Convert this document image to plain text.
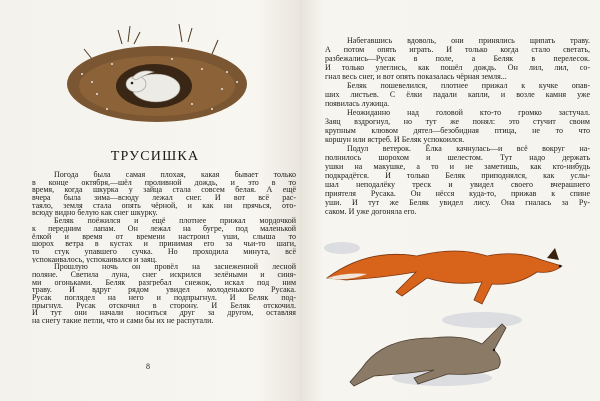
ТРУСИШКА
Погода была самая плохая, какая бывает только
в конце октября,—шёл проливной дождь, и это в то
время, когда шкурка у зайца стала совсем белая. А ещё
вчера была зима—всюду лежал снег. И вот всё рас-
таяло, земля стала опять чёрной, и как ни прячься, ото-
всюду видно белую как снег шкурку.
Беляк поёжился и ещё плотнее прижал мордочкой
к передним лапам. Он лежал на бугре, под маленькой
ёлкой и время от времени настроил уши, слыша то
шорох ветра в кустах и принимая его за чьи-то шаги,
то стук упавшего сучка. Но проходила минута, всё
успокаивалось, успокаивался и заяц.
Прошлую ночь он провёл на заснеженной лесной
поляне. Светила луна, снег искрился зелёными и синя-
ми огоньками. Беляк разгребал снежок, искал под ним
траву. И вдруг рядом увидел молоденького Русака.
Русак поглядел на него и подпрыгнул. И Беляк под-
прыгнул. Русак отскочил в сторону. И Беляк отскочил.
И тут они начали носиться друг за другом, оставляя
на снегу такие петли, что и сами бы их не распутали.
8
Набегавшись вдоволь, они принялись щипать траву.
А потом опять играть. И только когда стало светать,
разбежались—Русак в поле, а Беляк в перелесок.
И только улеглись, как пошёл дождь. Он лил, лил, со-
гнал весь снег, и вот опять показалась чёрная земля...
Беляк пошевелился, плотнее прижал к кучке опав-
ших листьев. С ёлки падали капли, и возле камня уже
появилась лужица.
Неожиданно над головой кто-то громко застучал.
Заяц вздрогнул, но тут же понял: это стучит своим
крупным клювом дятел—безобидная птица, не то что
коршун или ястреб. И Беляк успокоился.
Подул ветерок. Ёлка качнулась—и всё вокруг на-
полнилось шорохом и шелестом. Тут надо держать
ушки на макушке, а то и не заметишь, как кто-нибудь
подкрадётся. И только Беляк приподнялся, как услы-
шал неподалёку треск и увидел своего вчерашнего
приятеля Русака. Он нёсся куда-то, прижав к спине
уши. И тут же Беляк увидел лису. Она гналась за Ру-
саком. И уже догоняла его.
